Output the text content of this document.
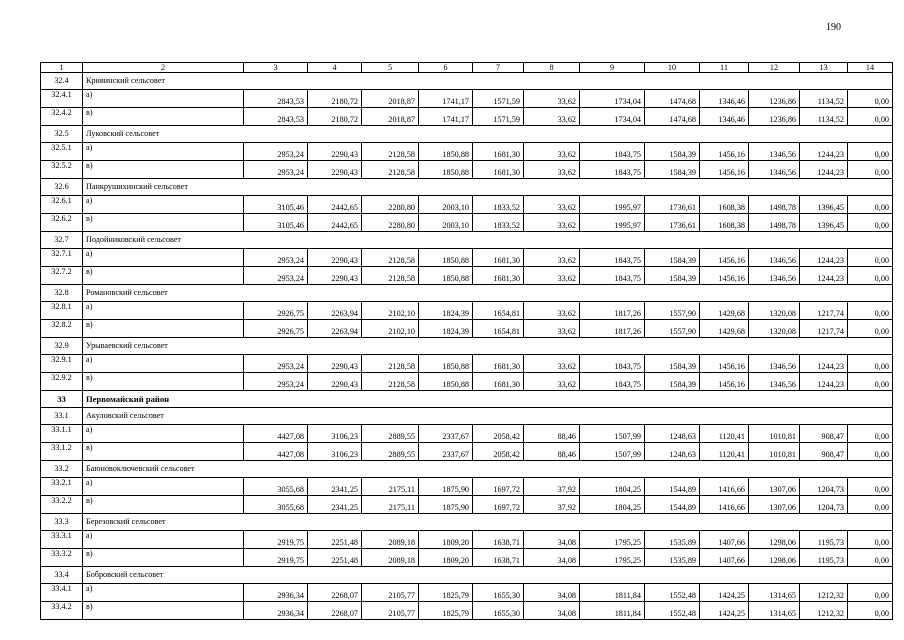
190
1	2	3	4	5	6	7	8	9	10	11	12	13	14
32.4	Кривинский сельсовет												
32.4.1	а)	2843,53	2180,72	2018,87	1741,17	1571,59	33,62	1734,04	1474,68	1346,46	1236,86	1134,52	0,00
32.4.2	в)	2843,53	2180,72	2018,87	1741,17	1571,59	33,62	1734,04	1474,68	1346,46	1236,86	1134,52	0,00
32.5	Луковский сельсовет												
32.5.1	а)	2953,24	2290,43	2128,58	1850,88	1681,30	33,62	1843,75	1584,39	1456,16	1346,56	1244,23	0,00
32.5.2	в)	2953,24	2290,43	2128,58	1850,88	1681,30	33,62	1843,75	1584,39	1456,16	1346,56	1244,23	0,00
32.6	Панкрушихинский сельсовет												
32.6.1	а)	3105,46	2442,65	2280,80	2003,10	1833,52	33,62	1995,97	1736,61	1608,38	1498,78	1396,45	0,00
32.6.2	в)	3105,46	2442,65	2280,80	2003,10	1833,52	33,62	1995,97	1736,61	1608,38	1498,78	1396,45	0,00
32.7	Подойниковский сельсовет												
32.7.1	а)	2953,24	2290,43	2128,58	1850,88	1681,30	33,62	1843,75	1584,39	1456,16	1346,56	1244,23	0,00
32.7.2	в)	2953,24	2290,43	2128,58	1850,88	1681,30	33,62	1843,75	1584,39	1456,16	1346,56	1244,23	0,00
32.8	Романовский сельсовет												
32.8.1	а)	2926,75	2263,94	2102,10	1824,39	1654,81	33,62	1817,26	1557,90	1429,68	1320,08	1217,74	0,00
32.8.2	в)	2926,75	2263,94	2102,10	1824,39	1654,81	33,62	1817,26	1557,90	1429,68	1320,08	1217,74	0,00
32.9	Урываевский сельсовет												
32.9.1	а)	2953,24	2290,43	2128,58	1850,88	1681,30	33,62	1843,75	1584,39	1456,16	1346,56	1244,23	0,00
32.9.2	в)	2953,24	2290,43	2128,58	1850,88	1681,30	33,62	1843,75	1584,39	1456,16	1346,56	1244,23	0,00
33	Первомайский район												
33.1	Акуловский сельсовет												
33.1.1	а)	4427,08	3106,23	2889,55	2337,67	2058,42	88,46	1507,99	1248,63	1120,41	1010,81	908,47	0,00
33.1.2	в)	4427,08	3106,23	2889,55	2337,67	2058,42	88,46	1507,99	1248,63	1120,41	1010,81	908,47	0,00
33.2	Баюновоключевский сельсовет												
33.2.1	а)	3055,68	2341,25	2175,11	1875,90	1697,72	37,92	1804,25	1544,89	1416,66	1307,06	1204,73	0,00
33.2.2	в)	3055,68	2341,25	2175,11	1875,90	1697,72	37,92	1804,25	1544,89	1416,66	1307,06	1204,73	0,00
33.3	Березовский сельсовет												
33.3.1	а)	2919,75	2251,48	2089,18	1809,20	1638,71	34,08	1795,25	1535,89	1407,66	1298,06	1195,73	0,00
33.3.2	в)	2919,75	2251,48	2089,18	1809,20	1638,71	34,08	1795,25	1535,89	1407,66	1298,06	1195,73	0,00
33.4	Бобровский сельсовет												
33.4.1	а)	2936,34	2268,07	2105,77	1825,79	1655,30	34,08	1811,84	1552,48	1424,25	1314,65	1212,32	0,00
33.4.2	в)	2936,34	2268,07	2105,77	1825,79	1655,30	34,08	1811,84	1552,48	1424,25	1314,65	1212,32	0,00
